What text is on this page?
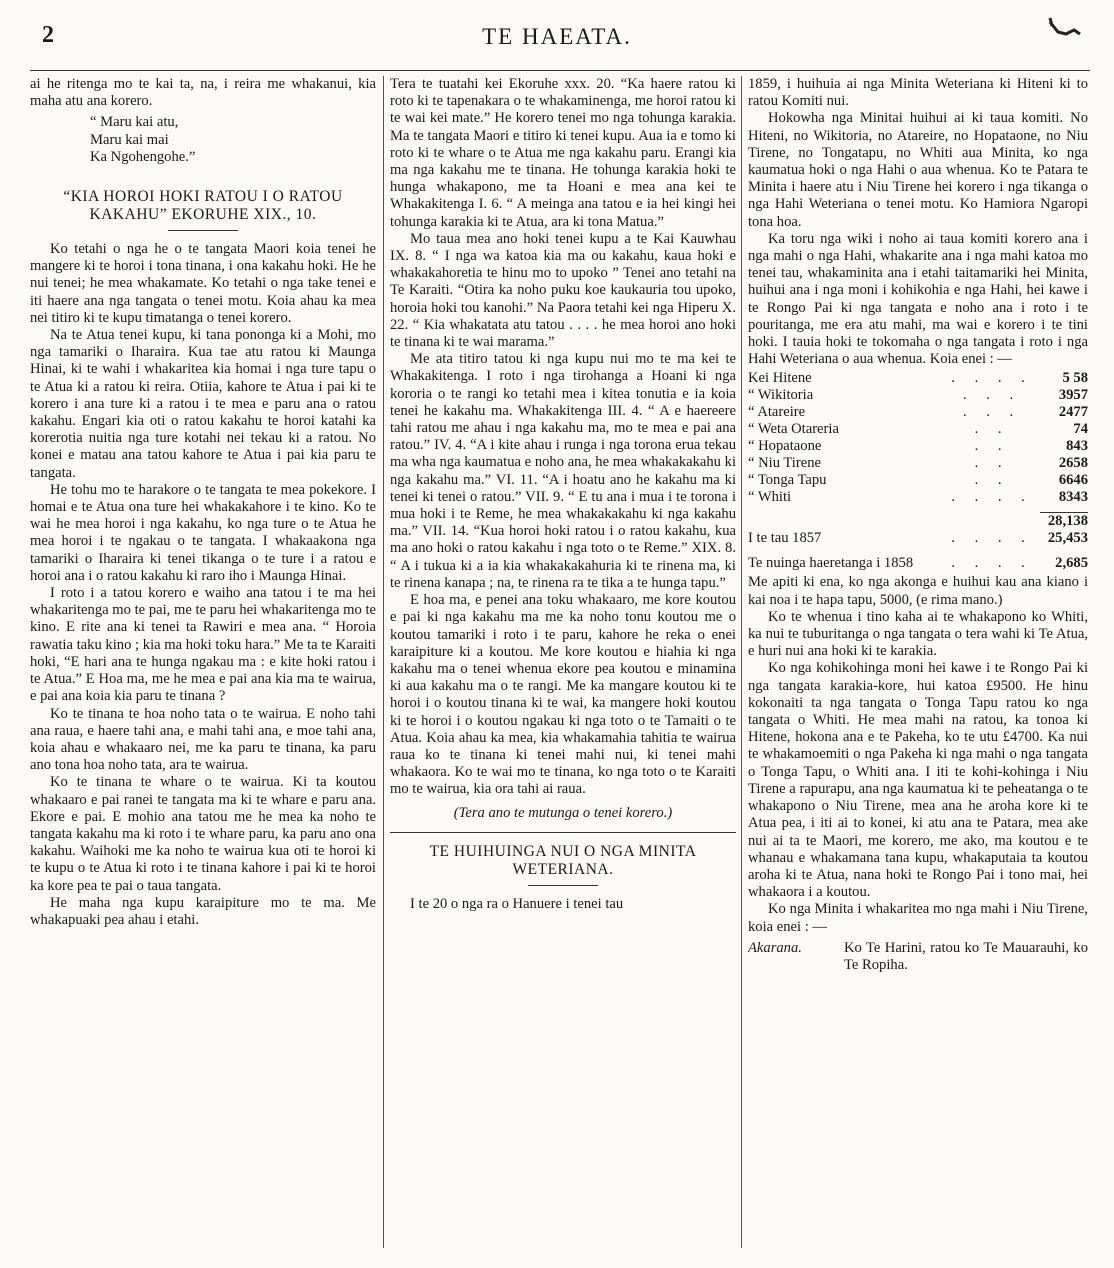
2	TE HAEATA.

ai he ritenga mo te kai ta, na, i reira me whakanui, kia maha atu ana korero.

“ Maru kai atu,
Maru kai mai
Ka Ngohengohe.”
“KIA HOROI HOKI RATOU I O RATOU KAKAHU” EKORUHE XIX., 10.

Ko tetahi o nga he o te tangata Maori koia tenei he mangere ki te horoi i tona tinana, i ona kakahu hoki. He he nui tenei; he mea whakamate. Ko tetahi o nga take tenei e iti haere ana nga tangata o tenei motu. Koia ahau ka mea nei titiro ki te kupu timatanga o tenei korero.

Na te Atua tenei kupu, ki tana pononga ki a Mohi, mo nga tamariki o Iharaira. Kua tae atu ratou ki Maunga Hinai, ki te wahi i whakaritea kia homai i nga ture tapu o te Atua ki a ratou ki reira. Otiia, kahore te Atua i pai ki te korero i ana ture ki a ratou i te mea e paru ana o ratou kakahu. Engari kia oti o ratou kakahu te horoi katahi ka korerotia nuitia nga ture kotahi nei tekau ki a ratou. No konei e matau ana tatou kahore te Atua i pai kia paru te tangata.

He tohu mo te harakore o te tangata te mea pokekore. I homai e te Atua ona ture hei whakakahore i te kino. Ko te wai he mea horoi i nga kakahu, ko nga ture o te Atua he mea horoi i te ngakau o te tangata. I whakaakona nga tamariki o Iharaira ki tenei tikanga o te ture i a ratou e horoi ana i o ratou kakahu ki raro iho i Maunga Hinai.

I roto i a tatou korero e waiho ana tatou i te ma hei whakaritenga mo te pai, me te paru hei whakaritenga mo te kino. E rite ana ki tenei ta Rawiri e mea ana. “ Horoia rawatia taku kino ; kia ma hoki toku hara.” Me ta te Karaiti hoki, “E hari ana te hunga ngakau ma : e kite hoki ratou i te Atua.” E Hoa ma, me he mea e pai ana kia ma te wairua, e pai ana koia kia paru te tinana ?

Ko te tinana te hoa noho tata o te wairua. E noho tahi ana raua, e haere tahi ana, e mahi tahi ana, e moe tahi ana, koia ahau e whakaaro nei, me ka paru te tinana, ka paru ano tona hoa noho tata, ara te wairua.

Ko te tinana te whare o te wairua. Ki ta koutou whakaaro e pai ranei te tangata ma ki te whare e paru ana. Ekore e pai. E mohio ana tatou me he mea ka noho te tangata kakahu ma ki roto i te whare paru, ka paru ano ona kakahu. Waihoki me ka noho te wairua kua oti te horoi ki te kupu o te Atua ki roto i te tinana kahore i pai ki te horoi ka kore pea te pai o taua tangata.

He maha nga kupu karaipiture mo te ma. Me whakapuaki pea ahau i etahi.

Tera te tuatahi kei Ekoruhe xxx. 20. “Ka haere ratou ki roto ki te tapenakara o te whakaminenga, me horoi ratou ki te wai kei mate.” He korero tenei mo nga tohunga karakia. Ma te tangata Maori e titiro ki tenei kupu. Aua ia e tomo ki roto ki te whare o te Atua me nga kakahu paru. Erangi kia ma nga kakahu me te tinana. He tohunga karakia hoki te hunga whakapono, me ta Hoani e mea ana kei te Whakakitenga I. 6. “ A meinga ana tatou e ia hei kingi hei tohunga karakia ki te Atua, ara ki tona Matua.”

Mo taua mea ano hoki tenei kupu a te Kai Kauwhau IX. 8. “ I nga wa katoa kia ma ou kakahu, kaua hoki e whakakahoretia te hinu mo to upoko ” Tenei ano tetahi na Te Karaiti. “Otira ka noho puku koe kaukauria tou upoko, horoia hoki tou kanohi.” Na Paora tetahi kei nga Hiperu X. 22. “ Kia whakatata atu tatou . . . . he mea horoi ano hoki te tinana ki te wai marama.”

Me ata titiro tatou ki nga kupu nui mo te ma kei te Whakakitenga. I roto i nga tirohanga a Hoani ki nga kororia o te rangi ko tetahi mea i kitea tonutia e ia koia tenei he kakahu ma. Whakakitenga III. 4. “ A e haereere tahi ratou me ahau i nga kakahu ma, mo te mea e pai ana ratou.” IV. 4. “A i kite ahau i runga i nga torona erua tekau ma wha nga kaumatua e noho ana, he mea whakakakahu ki nga kakahu ma.” VI. 11. “A i hoatu ano he kakahu ma ki tenei ki tenei o ratou.” VII. 9. “ E tu ana i mua i te torona i mua hoki i te Reme, he mea whakakakahu ki nga kakahu ma.” VII. 14. “Kua horoi hoki ratou i o ratou kakahu, kua ma ano hoki o ratou kakahu i nga toto o te Reme.” XIX. 8. “ A i tukua ki a ia kia whakakakahuria ki te rinena ma, ki te rinena kanapa ; na, te rinena ra te tika a te hunga tapu.”

E hoa ma, e penei ana toku whakaaro, me kore koutou e pai ki nga kakahu ma me ka noho tonu koutou me o koutou tamariki i roto i te paru, kahore he reka o enei karaipiture ki a koutou. Me kore koutou e hiahia ki nga kakahu ma o tenei whenua ekore pea koutou e minamina ki aua kakahu ma o te rangi. Me ka mangare koutou ki te horoi i o koutou tinana ki te wai, ka mangere hoki koutou ki te horoi i o koutou ngakau ki nga toto o te Tamaiti o te Atua. Koia ahau ka mea, kia whakamahia tahitia te wairua raua ko te tinana ki tenei mahi nui, ki tenei mahi whakaora. Ko te wai mo te tinana, ko nga toto o te Karaiti mo te wairua, kia ora tahi ai raua.

(Tera ano te mutunga o tenei korero.)

TE HUIHUINGA NUI O NGA MINITA WETERIANA.

I te 20 o nga ra o Hanuere i tenei tau

1859, i huihuia ai nga Minita Weteriana ki Hiteni ki to ratou Komiti nui.

Hokowha nga Minitai huihui ai ki taua komiti. No Hiteni, no Wikitoria, no Atareire, no Hopataone, no Niu Tirene, no Tongatapu, no Whiti aua Minita, ko nga kaumatua hoki o nga Hahi o aua whenua. Ko te Patara te Minita i haere atu i Niu Tirene hei korero i nga tikanga o nga Hahi Weteriana o tenei motu. Ko Hamiora Ngaropi tona hoa.

Ka toru nga wiki i noho ai taua komiti korero ana i nga mahi o nga Hahi, whakarite ana i nga mahi katoa mo tenei tau, whakaminita ana i etahi taitamariki hei Minita, huihui ana i nga moni i kohikohia e nga Hahi, hei kawe i te Rongo Pai ki nga tangata e noho ana i roto i te pouritanga, me era atu mahi, ma wai e korero i te tini hoki. I tauia hoki te tokomaha o nga tangata i roto i nga Hahi Weteriana o aua whenua. Koia enei : —

Kei Hitene	. . . .	5 58
“ Wikitoria	. . .	3957
“ Atareire	. . .	2477
“ Weta Otareria	. .	74
“ Hopataone	. .	843
“ Niu Tirene	. .	2658
“ Tonga Tapu	. .	6646
“ Whiti	. . . .	8343

		28,138
I te tau 1857	. . . .	25,453

Te nuinga haeretanga i 1858	. . . .	2,685

Me apiti ki ena, ko nga akonga e huihui kau ana kiano i kai noa i te hapa tapu, 5000, (e rima mano.)

Ko te whenua i tino kaha ai te whakapono ko Whiti, ka nui te tuburitanga o nga tangata o tera wahi ki Te Atua, e huri nui ana hoki ki te karakia.

Ko nga kohikohinga moni hei kawe i te Rongo Pai ki nga tangata karakia-kore, hui katoa £9500. He hinu kokonaiti ta nga tangata o Tonga Tapu ratou ko nga tangata o Whiti. He mea mahi na ratou, ka tonoa ki Hitene, hokona ana e te Pakeha, ko te utu £4700. Ka nui te whakamoemiti o nga Pakeha ki nga mahi o nga tangata o Tonga Tapu, o Whiti ana. I iti te kohi-kohinga i Niu Tirene a rapurapu, ana nga kaumatua ki te peheatanga o te whakapono o Niu Tirene, mea ana he aroha kore ki te Atua pea, i iti ai to konei, ki atu ana te Patara, mea ake nui ai ta te Maori, me korero, me ako, ma koutou e te whanau e whakamana tana kupu, whakaputaia ta koutou aroha ki te Atua, nana hoki te Rongo Pai i tono mai, hei whakaora i a koutou.

Ko nga Minita i whakaritea mo nga mahi i Niu Tirene, koia enei : —

Akarana.	Ko Te Harini, ratou ko Te Mauarauhi, ko Te Ropiha.
